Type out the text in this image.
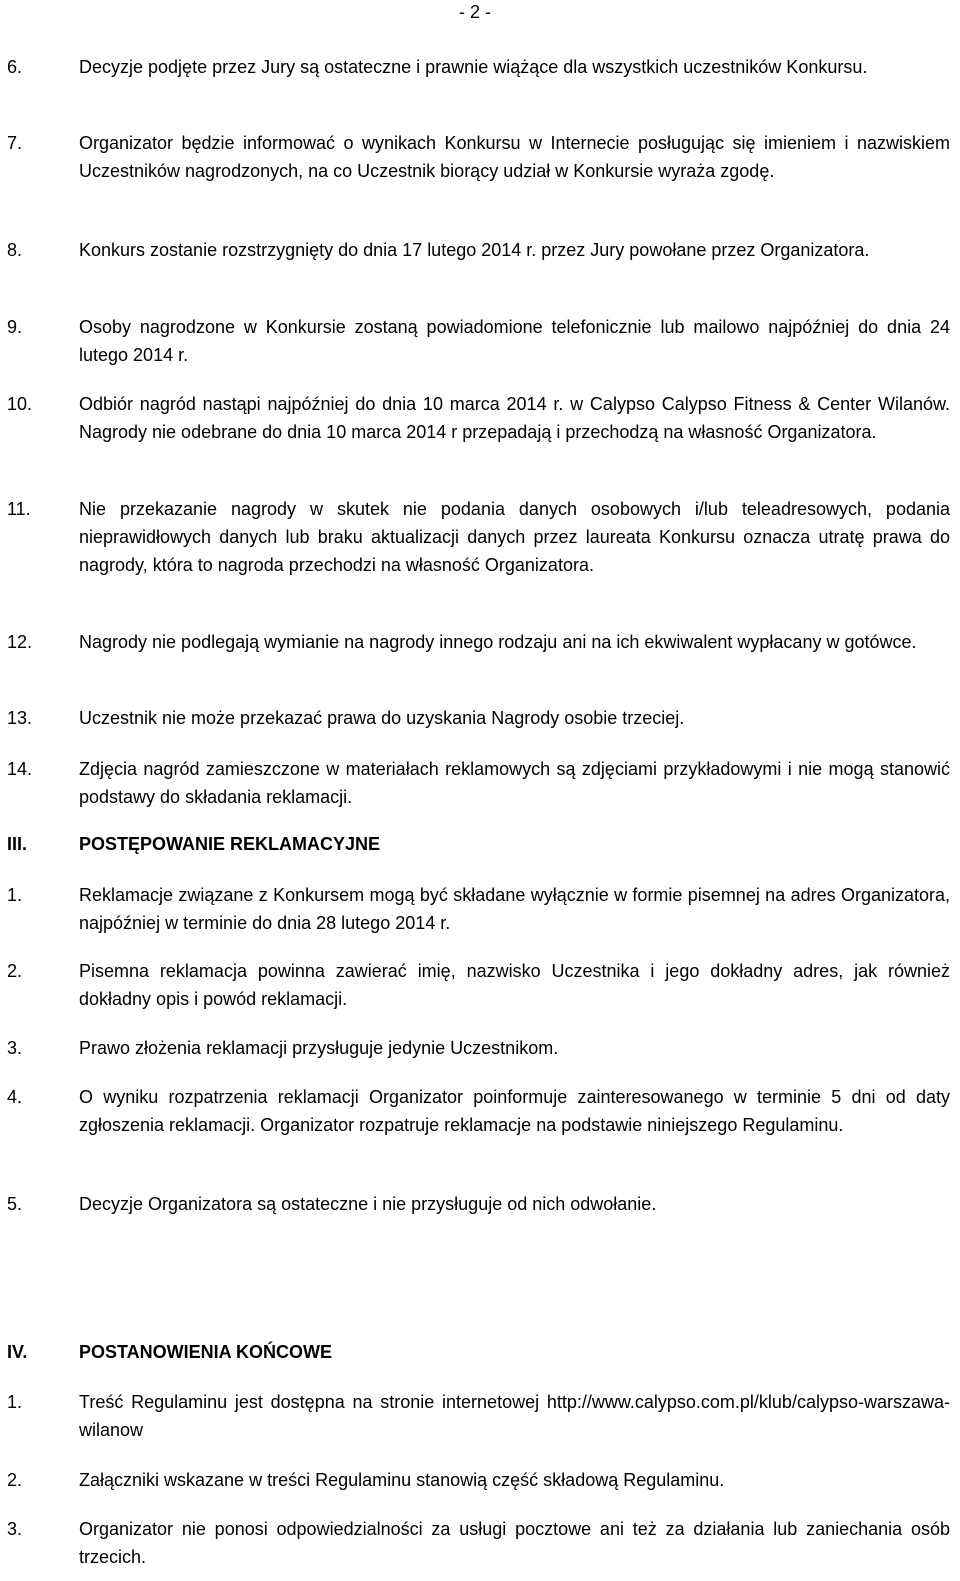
- 2 -
6.	Decyzje podjęte przez Jury są ostateczne i prawnie wiążące dla wszystkich uczestników Konkursu.
7.	Organizator będzie informować o wynikach Konkursu w Internecie posługując się imieniem i nazwiskiem Uczestników nagrodzonych, na co Uczestnik biorący udział w Konkursie wyraża zgodę.
8.	Konkurs zostanie rozstrzygnięty do dnia 17 lutego 2014 r. przez Jury powołane przez Organizatora.
9.	Osoby nagrodzone w Konkursie zostaną powiadomione telefonicznie lub mailowo najpóźniej do dnia 24 lutego 2014 r.
10.	Odbiór nagród nastąpi najpóźniej do dnia 10 marca 2014 r. w Calypso Calypso Fitness & Center Wilanów. Nagrody nie odebrane do dnia 10 marca 2014 r przepadają i przechodzą na własność Organizatora.
11.	Nie przekazanie nagrody w skutek nie podania danych osobowych i/lub teleadresowych, podania nieprawidłowych danych lub braku aktualizacji danych przez laureata Konkursu oznacza utratę prawa do nagrody, która to nagroda przechodzi na własność Organizatora.
12.	Nagrody nie podlegają wymianie na nagrody innego rodzaju ani na ich ekwiwalent wypłacany w gotówce.
13.	Uczestnik nie może przekazać prawa do uzyskania Nagrody osobie trzeciej.
14.	Zdjęcia nagród zamieszczone w materiałach reklamowych są zdjęciami przykładowymi i nie mogą stanowić podstawy do składania reklamacji.
III.	POSTĘPOWANIE REKLAMACYJNE
1.	Reklamacje związane z Konkursem mogą być składane wyłącznie w formie pisemnej na adres Organizatora, najpóźniej w terminie do dnia 28 lutego 2014 r.
2.	Pisemna reklamacja powinna zawierać imię, nazwisko Uczestnika i jego dokładny adres, jak również dokładny opis i powód reklamacji.
3.	Prawo złożenia reklamacji przysługuje jedynie Uczestnikom.
4.	O wyniku rozpatrzenia reklamacji Organizator poinformuje zainteresowanego w terminie 5 dni od daty zgłoszenia reklamacji. Organizator rozpatruje reklamacje na podstawie niniejszego Regulaminu.
5.	Decyzje Organizatora są ostateczne i nie przysługuje od nich odwołanie.
IV.	POSTANOWIENIA KOŃCOWE
1.	Treść Regulaminu jest dostępna na stronie internetowej http://www.calypso.com.pl/klub/calypso-warszawa-wilanow
2.	Załączniki wskazane w treści Regulaminu stanowią część składową Regulaminu.
3.	Organizator nie ponosi odpowiedzialności za usługi pocztowe ani też za działania lub zaniechania osób trzecich.
